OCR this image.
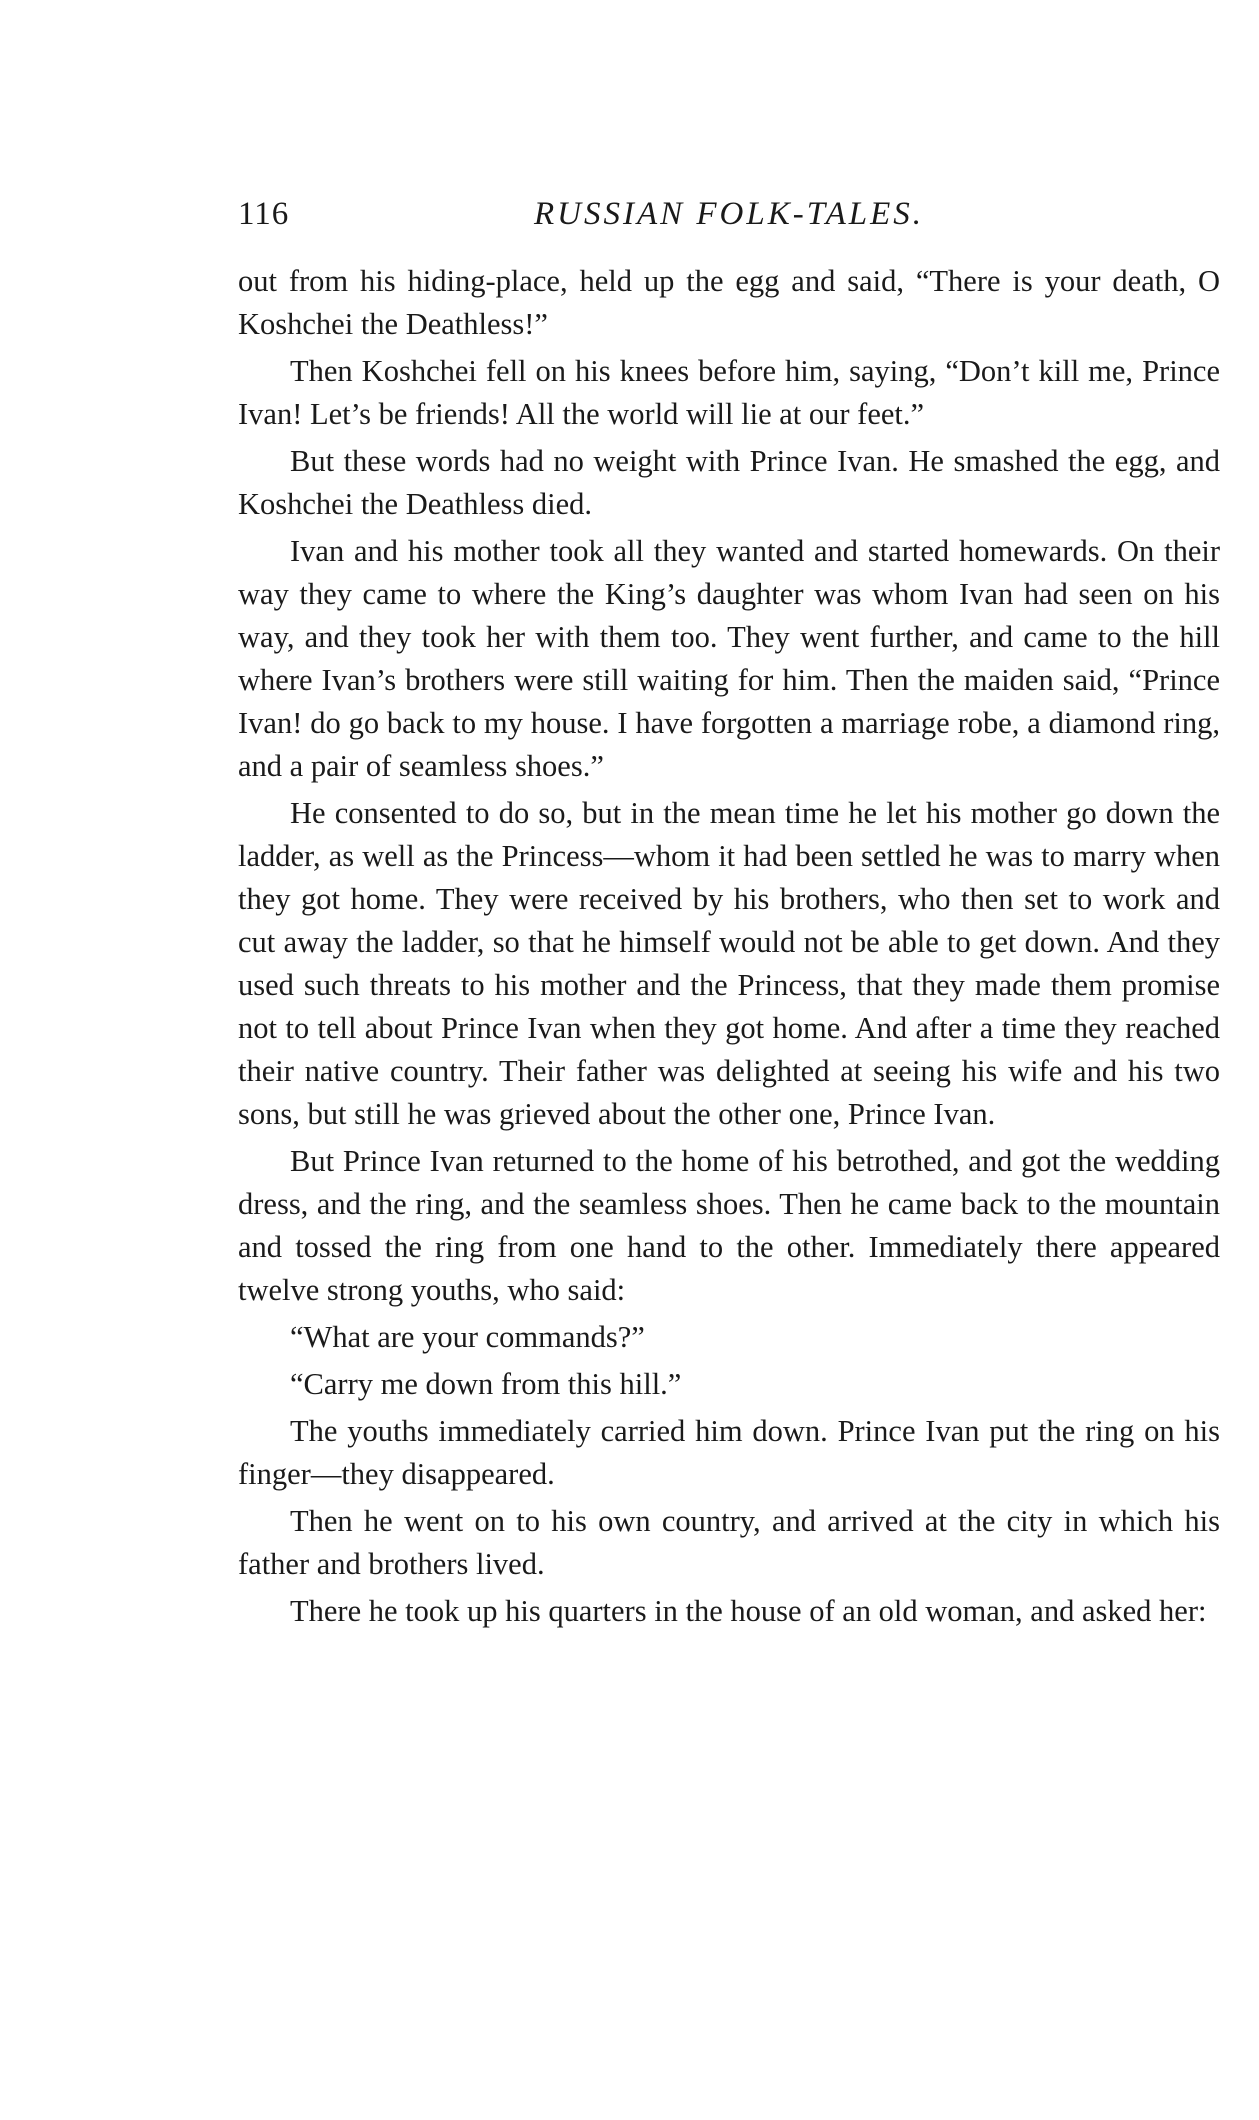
116	RUSSIAN FOLK-TALES.

out from his hiding-place, held up the egg and said, “There is your death, O Koshchei the Deathless!”

Then Koshchei fell on his knees before him, saying, “Don’t kill me, Prince Ivan! Let’s be friends! All the world will lie at our feet.”

But these words had no weight with Prince Ivan. He smashed the egg, and Koshchei the Deathless died.

Ivan and his mother took all they wanted and started homewards. On their way they came to where the King’s daughter was whom Ivan had seen on his way, and they took her with them too. They went further, and came to the hill where Ivan’s brothers were still waiting for him. Then the maiden said, “Prince Ivan! do go back to my house. I have forgotten a marriage robe, a diamond ring, and a pair of seamless shoes.”

He consented to do so, but in the mean time he let his mother go down the ladder, as well as the Princess—whom it had been settled he was to marry when they got home. They were received by his brothers, who then set to work and cut away the ladder, so that he himself would not be able to get down. And they used such threats to his mother and the Princess, that they made them promise not to tell about Prince Ivan when they got home. And after a time they reached their native country. Their father was delighted at seeing his wife and his two sons, but still he was grieved about the other one, Prince Ivan.

But Prince Ivan returned to the home of his betrothed, and got the wedding dress, and the ring, and the seamless shoes. Then he came back to the mountain and tossed the ring from one hand to the other. Immediately there appeared twelve strong youths, who said:

“What are your commands?”

“Carry me down from this hill.”

The youths immediately carried him down. Prince Ivan put the ring on his finger—they disappeared.

Then he went on to his own country, and arrived at the city in which his father and brothers lived.

There he took up his quarters in the house of an old woman, and asked her:
